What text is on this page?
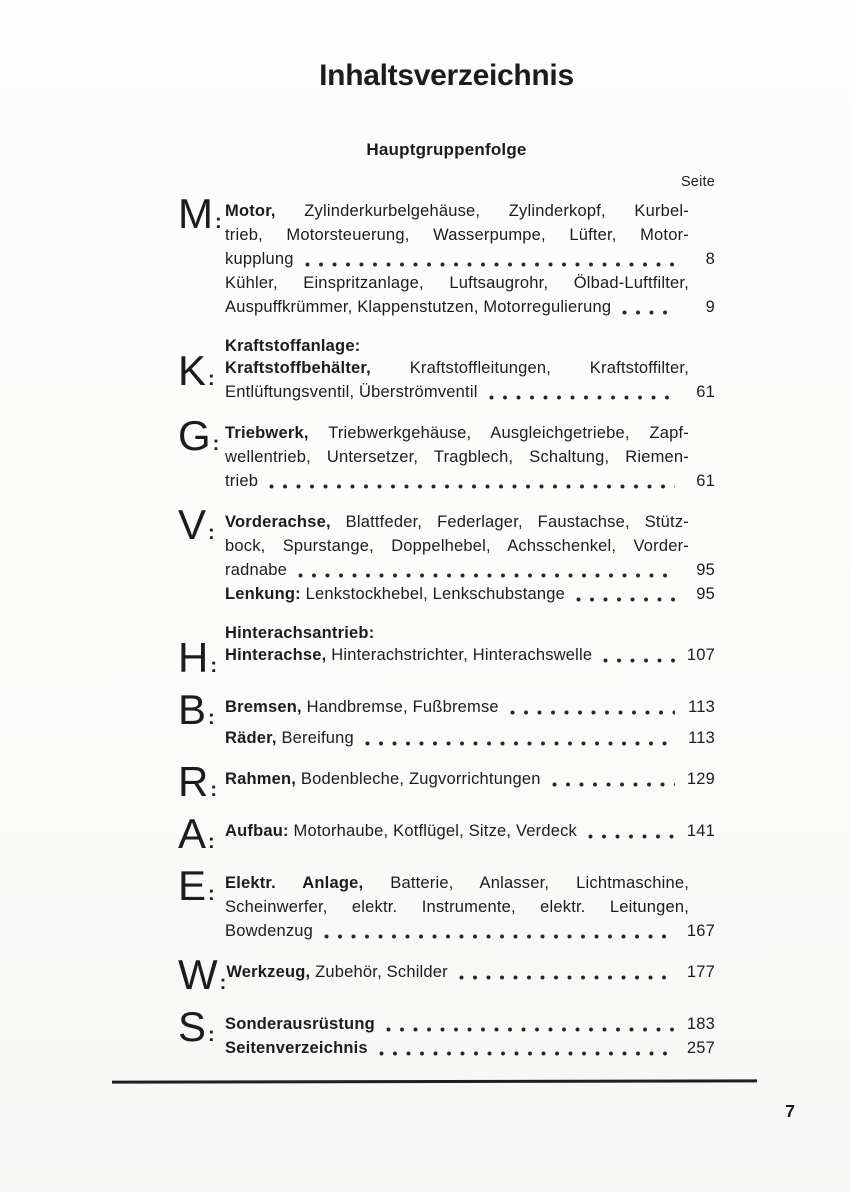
Inhaltsverzeichnis
Hauptgruppenfolge
Seite
M : Motor, Zylinderkurbelgehäuse, Zylinderkopf, Kurbel-
trieb, Motorsteuerung, Wasserpumpe, Lüfter, Motor-
kupplung	8
Kühler, Einspritzanlage, Luftsaugrohr, Ölbad-Luftfilter,
Auspuffkrümmer, Klappenstutzen, Motorregulierung	9
K :
Kraftstoffanlage:
Kraftstoffbehälter, Kraftstoffleitungen, Kraftstoffilter,
Entlüftungsventil, Überströmventil	61
G : Triebwerk, Triebwerkgehäuse, Ausgleichgetriebe, Zapf-
wellentrieb, Untersetzer, Tragblech, Schaltung, Riemen-
trieb	61
V : Vorderachse, Blattfeder, Federlager, Faustachse, Stütz-
bock, Spurstange, Doppelhebel, Achsschenkel, Vorder-
radnabe	95
Lenkung: Lenkstockhebel, Lenkschubstange	95
H :
Hinterachsantrieb:
Hinterachse, Hinterachstrichter, Hinterachswelle	107
B : Bremsen, Handbremse, Fußbremse	113
Räder, Bereifung	113
R : Rahmen, Bodenbleche, Zugvorrichtungen	129
A : Aufbau: Motorhaube, Kotflügel, Sitze, Verdeck	141
E : Elektr. Anlage, Batterie, Anlasser, Lichtmaschine,
Scheinwerfer, elektr. Instrumente, elektr. Leitungen,
Bowdenzug	167
W : Werkzeug, Zubehör, Schilder	177
S : Sonderausrüstung	183
Seitenverzeichnis	257
7
